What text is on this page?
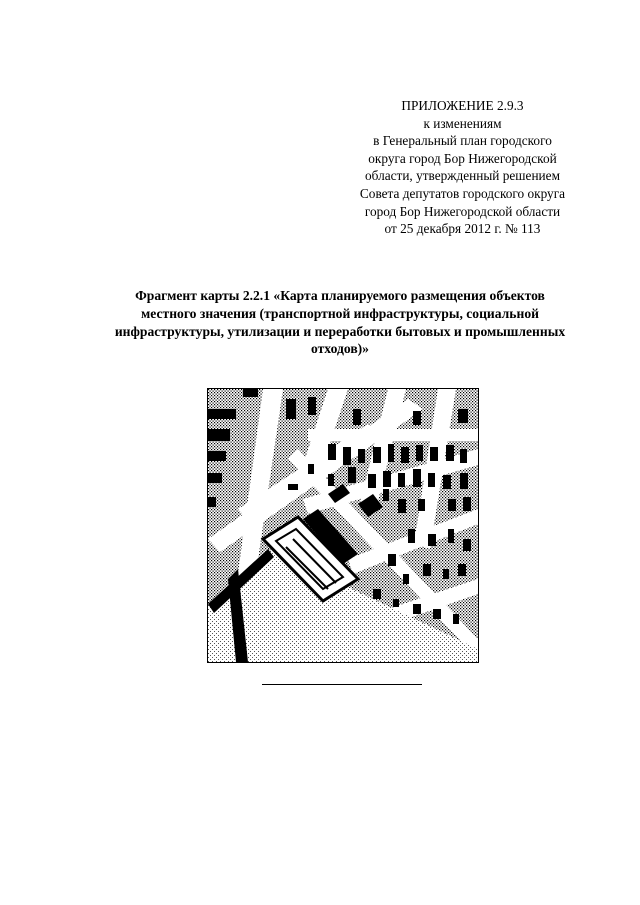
ПРИЛОЖЕНИЕ 2.9.3
к изменениям
в Генеральный план городского
округа город Бор Нижегородской
области, утвержденный решением
Совета депутатов городского округа
город Бор Нижегородской области
от 25 декабря 2012 г. № 113
Фрагмент карты 2.2.1 «Карта планируемого размещения объектов
местного значения (транспортной инфраструктуры, социальной
инфраструктуры, утилизации и переработки бытовых и промышленных
отходов)»
